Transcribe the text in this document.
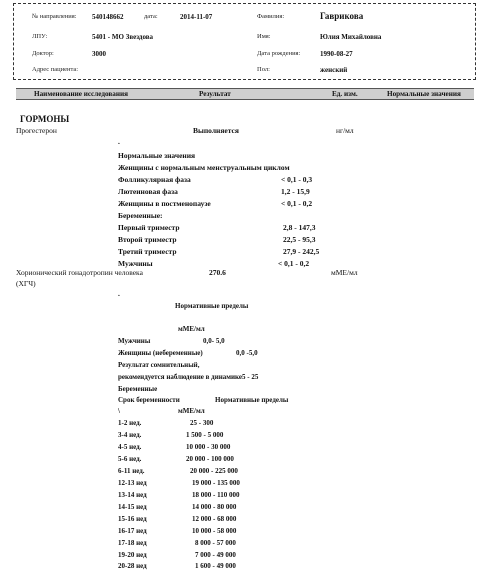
№ направления: 540148662	дата:	2014-11-07	Фамилия:	Гаврикова
ЛПУ:	5401 - МО Звездова	Имя:	Юлия Михайловна
Доктор:	3000	Дата рождения:	1990-08-27
Адрес пациента:	Пол:	женский
Наименование исследования	Результат	Ед. изм.	Нормальные значения
ГОРМОНЫ
Прогестерон	Выполняется	нг/мл
.
Нормальные значения
Женщины с нормальным менструальным циклом
Фолликулярная фаза	< 0,1 - 0,3
Лютеиновая фаза	1,2 - 15,9
Женщины в постменопаузе	< 0,1 - 0,2
Беременные:
Первый триместр	2,8 - 147,3
Второй триместр	22,5 - 95,3
Третий триместр	27,9 - 242,5
Мужчины	< 0,1 - 0,2
Хорионический гонадотропин человека
(ХГЧ)
270.6	мМЕ/мл
.
Нормативные пределы
мМЕ/мл
Мужчины	0,0- 5,0
Женщины (небеременные)	0,0 -5,0
Результат сомнительный,
рекомендуется наблюдение в динамике5 - 25
Беременные
Срок беременности	Нормативные пределы
\	мМЕ/мл
1-2 нед.	25 - 300
3-4 нед.	1 500 - 5 000
4-5 нед.	10 000 - 30 000
5-6 нед.	20 000 - 100 000
6-11 нед.	20 000 - 225 000
12-13 нед	19 000 - 135 000
13-14 нед	18 000 - 110 000
14-15 нед	14 000 - 80 000
15-16 нед	12 000 - 68 000
16-17 нед	10 000 - 58 000
17-18 нед	8 000 - 57 000
19-20 нед	7 000 - 49 000
20-28 нед	1 600 - 49 000
